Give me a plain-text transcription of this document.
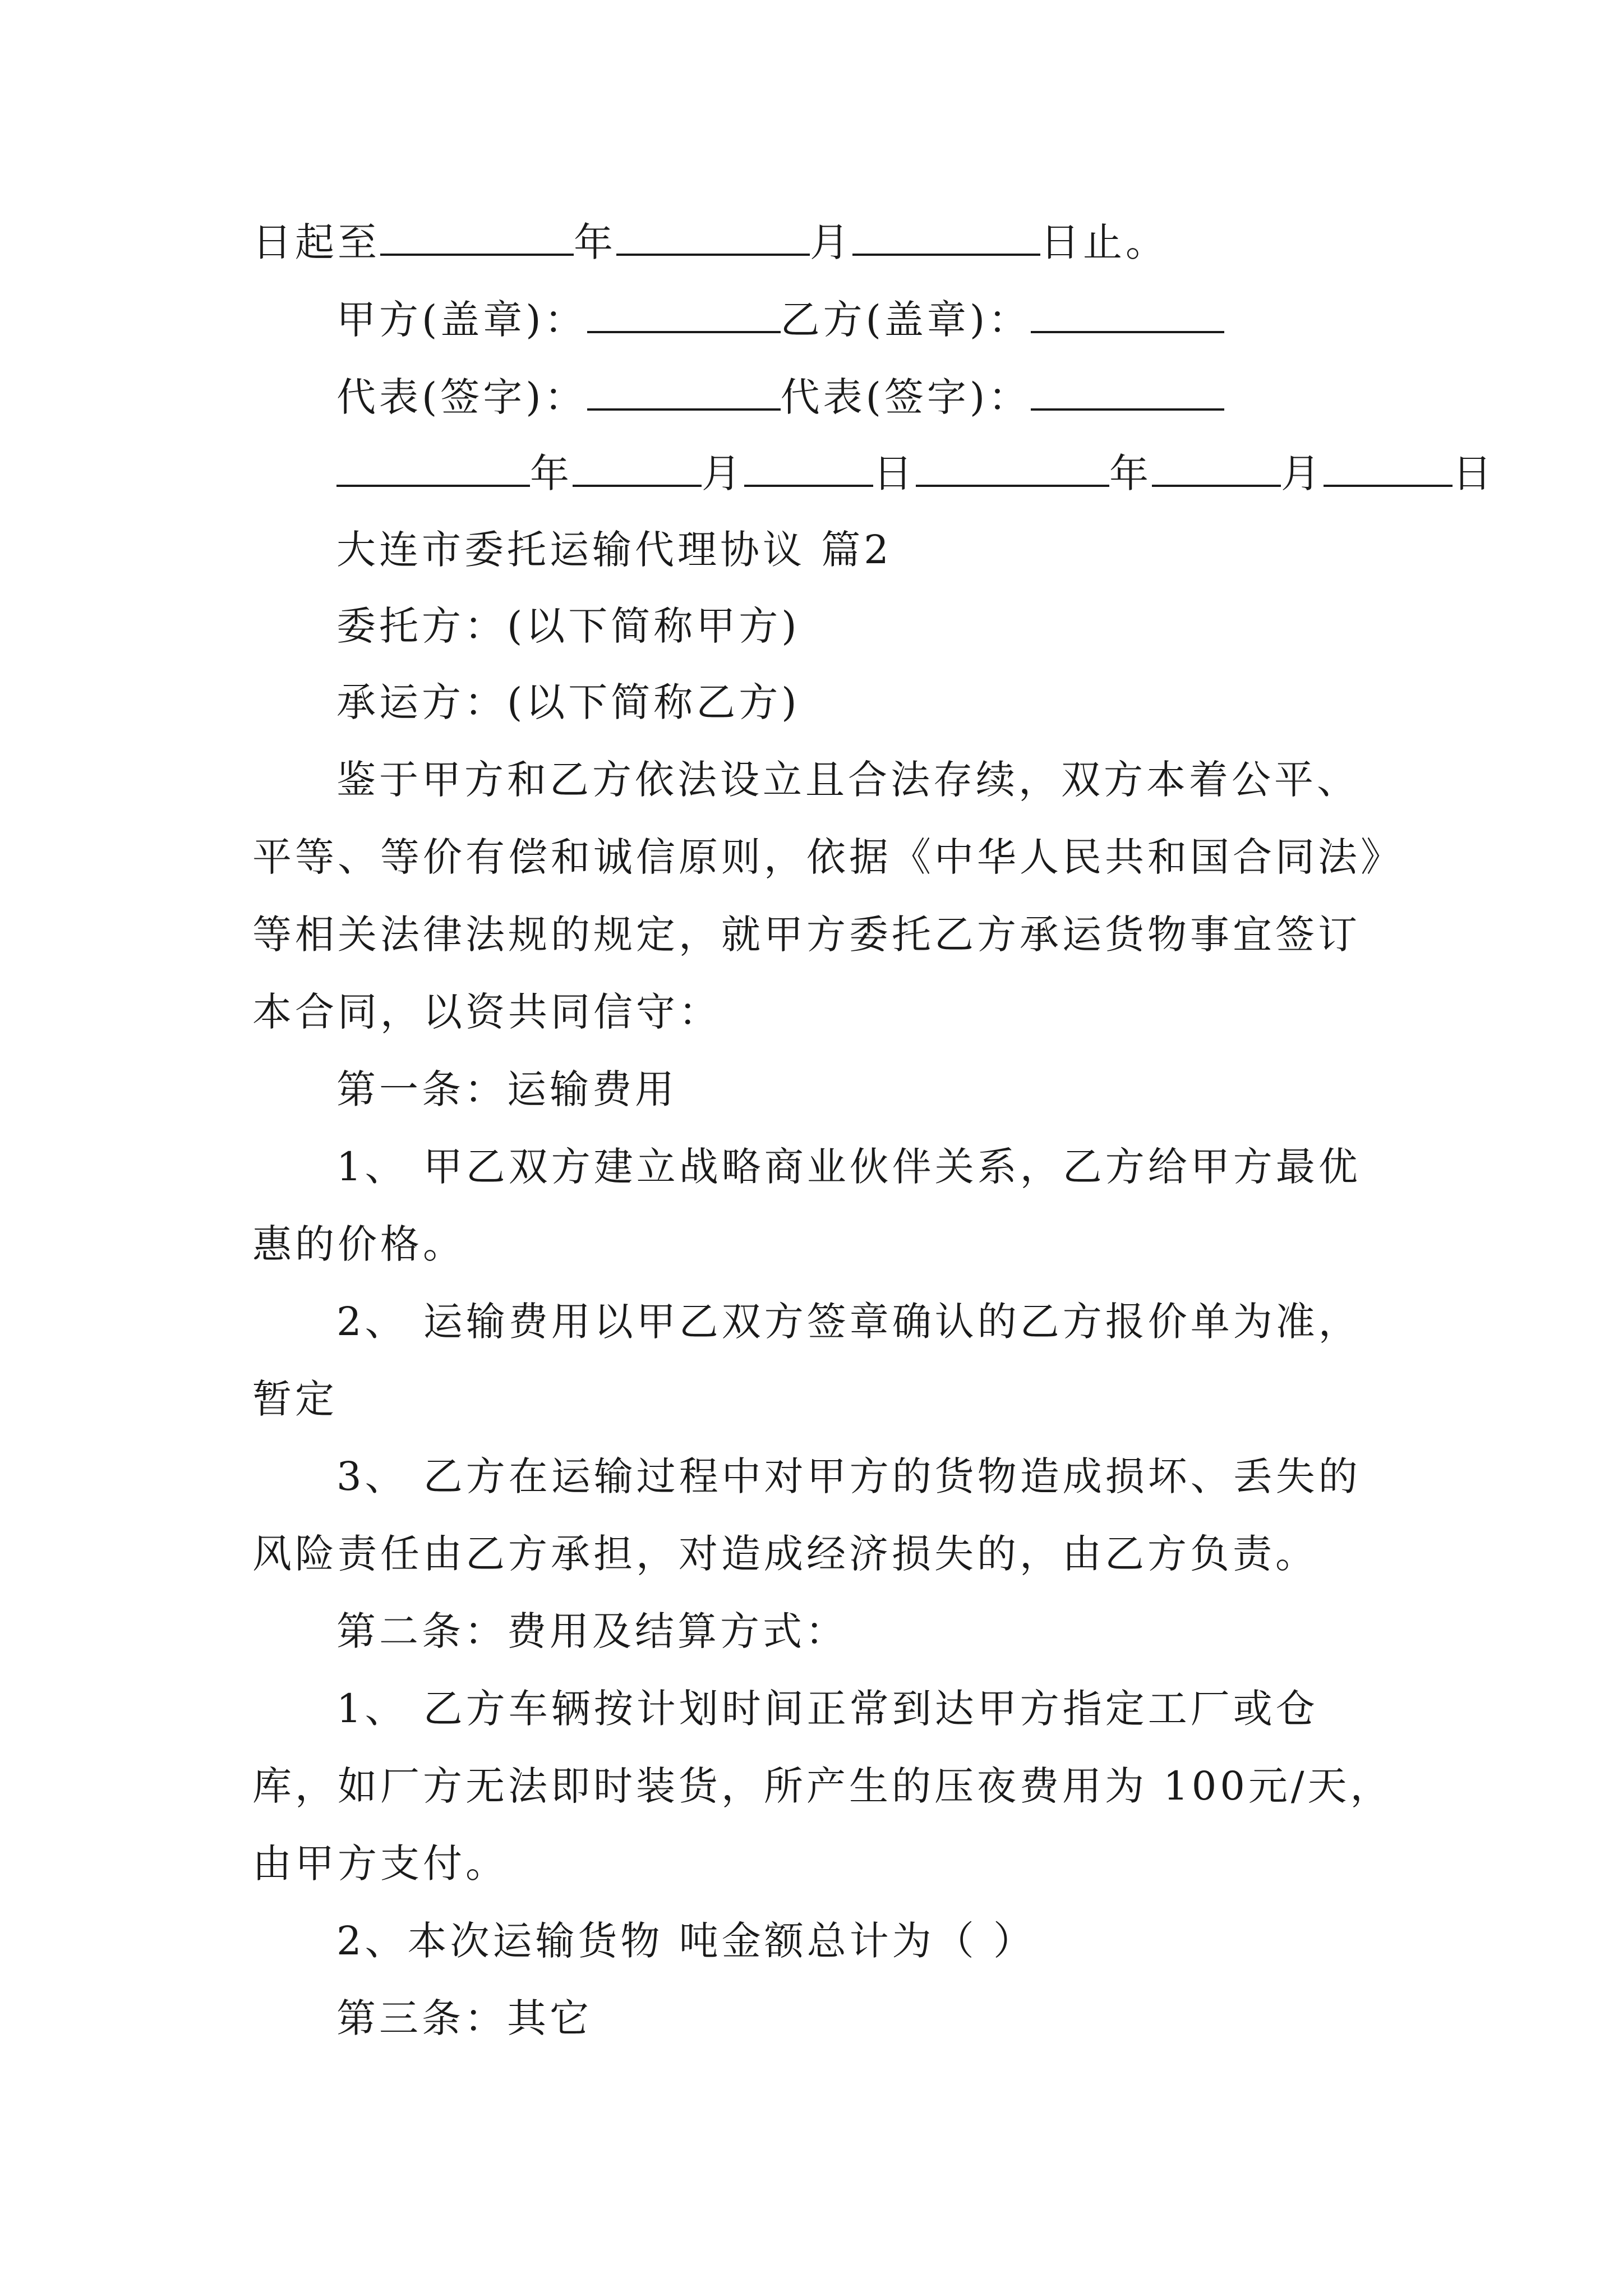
日起至	年	月	日止。
甲方(盖章)：	乙方(盖章)：
代表(签字)：	代表(签字)：
年	月	日	年	月	日
大连市委托运输代理协议 篇2
委托方：(以下简称甲方)
承运方：(以下简称乙方)
鉴于甲方和乙方依法设立且合法存续，双方本着公平、
平等、等价有偿和诚信原则，依据《中华人民共和国合同法》
等相关法律法规的规定，就甲方委托乙方承运货物事宜签订
本合同，以资共同信守：
第一条：运输费用
1、 甲乙双方建立战略商业伙伴关系，乙方给甲方最优
惠的价格。
2、 运输费用以甲乙双方签章确认的乙方报价单为准，
暂定
3、 乙方在运输过程中对甲方的货物造成损坏、丢失的
风险责任由乙方承担，对造成经济损失的，由乙方负责。
第二条：费用及结算方式：
1、 乙方车辆按计划时间正常到达甲方指定工厂或仓
库，如厂方无法即时装货，所产生的压夜费用为 100元/天，
由甲方支付。
2、本次运输货物 吨金额总计为（ ）
第三条：其它
